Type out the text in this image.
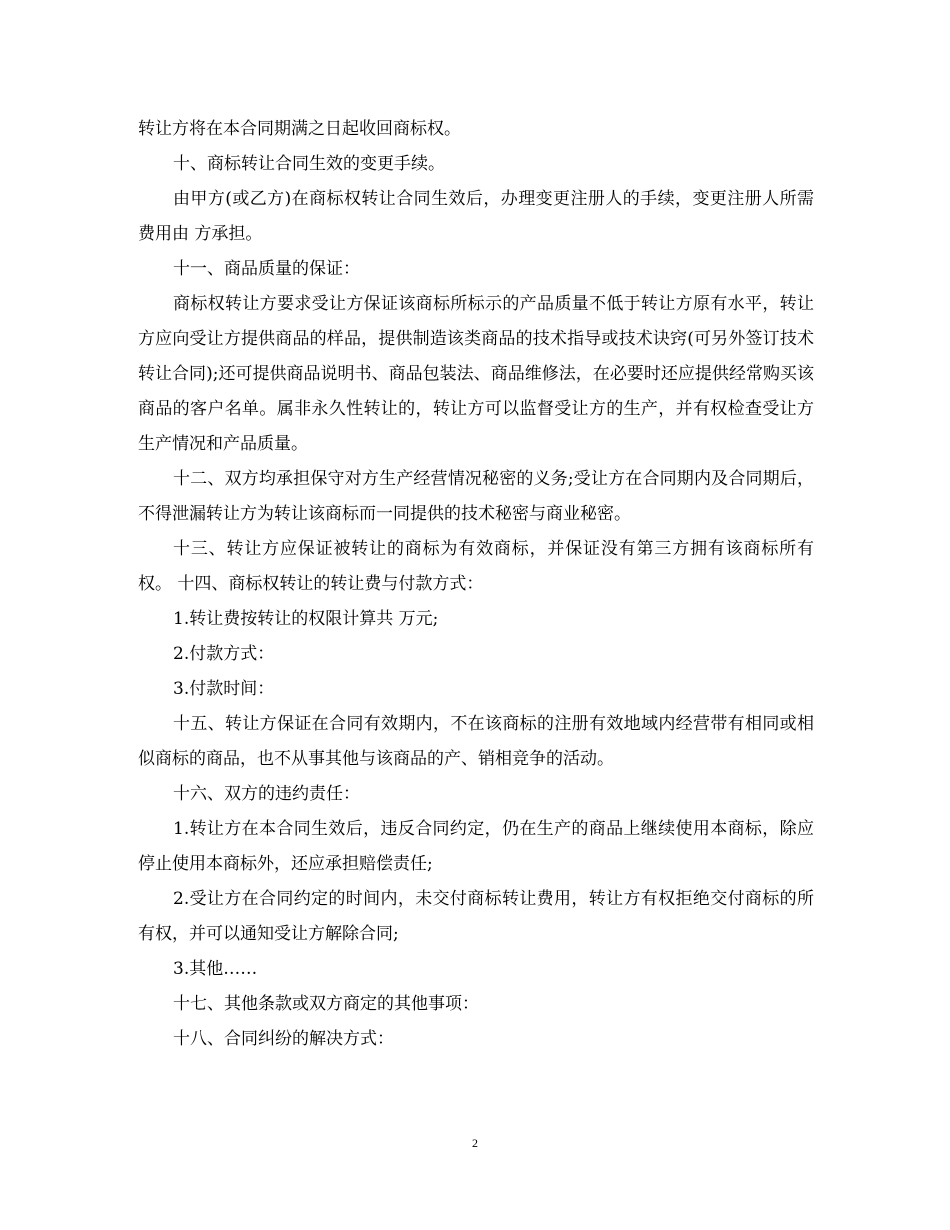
转让方将在本合同期满之日起收回商标权。

十、商标转让合同生效的变更手续。

由甲方(或乙方)在商标权转让合同生效后，办理变更注册人的手续，变更注册人所需费用由 方承担。

十一、商品质量的保证：

商标权转让方要求受让方保证该商标所标示的产品质量不低于转让方原有水平，转让方应向受让方提供商品的样品，提供制造该类商品的技术指导或技术诀窍(可另外签订技术转让合同);还可提供商品说明书、商品包装法、商品维修法，在必要时还应提供经常购买该商品的客户名单。属非永久性转让的，转让方可以监督受让方的生产，并有权检查受让方生产情况和产品质量。

十二、双方均承担保守对方生产经营情况秘密的义务;受让方在合同期内及合同期后，不得泄漏转让方为转让该商标而一同提供的技术秘密与商业秘密。

十三、转让方应保证被转让的商标为有效商标，并保证没有第三方拥有该商标所有权。 十四、商标权转让的转让费与付款方式：

1.转让费按转让的权限计算共 万元;

2.付款方式：

3.付款时间：

十五、转让方保证在合同有效期内，不在该商标的注册有效地域内经营带有相同或相似商标的商品，也不从事其他与该商品的产、销相竞争的活动。

十六、双方的违约责任：

1.转让方在本合同生效后，违反合同约定，仍在生产的商品上继续使用本商标，除应停止使用本商标外，还应承担赔偿责任;

2.受让方在合同约定的时间内，未交付商标转让费用，转让方有权拒绝交付商标的所有权，并可以通知受让方解除合同;

3.其他……

十七、其他条款或双方商定的其他事项：

十八、合同纠纷的解决方式：

2
